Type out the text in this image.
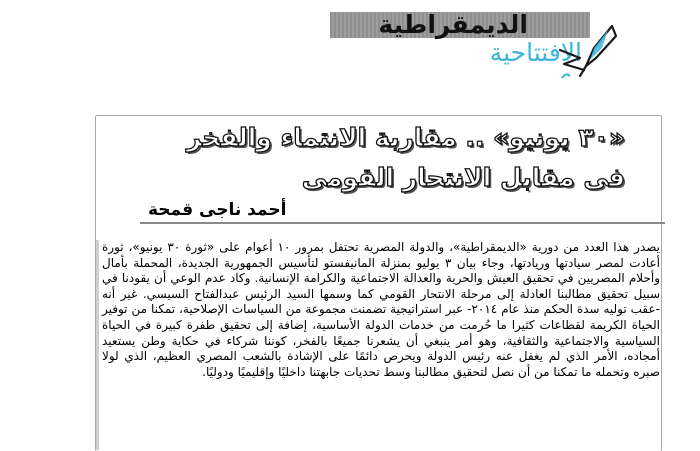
الديمقراطية
الافتتاحية
«٣٠ يونيو» .. مقاربة الانتماء والفخر
فى مقابل الانتحار القومى
أحمد ناجى قمحة

يصدر هذا العدد من دورية «الديمقراطية»، والدولة المصرية تحتفل بمرور ١٠ أعوام على «ثورة ٣٠ يونيو»، ثورة أعادت لمصر سيادتها وريادتها، وجاء بيان ٣ يوليو بمنزلة المانيفستو لتأسيس الجمهورية الجديدة، المحملة بأمال وأحلام المصريين في تحقيق العيش والحرية والعدالة الاجتماعية والكرامة الإنسانية. وكاد عدم الوعي أن يقودنا في سبيل تحقيق مطالبنا العادلة إلى مرحلة الانتحار القومي كما وسمها السيد الرئيس عبدالفتاح السيسي. غير أنه -عقب توليه سدة الحكم منذ عام ٢٠١٤- عبر استراتيجية تضمنت مجموعة من السياسات الإصلاحية، تمكنا من توفير الحياة الكريمة لقطاعات كثيرا ما حُرمت من خدمات الدولة الأساسية، إضافة إلى تحقيق طفرة كبيرة في الحياة السياسية والاجتماعية والثقافية، وهو أمر ينبغي أن يشعرنا جميعًا بالفخر، كوننا شركاء في حكاية وطن يستعيد أمجاده، الأمر الذي لم يغفل عنه رئيس الدولة ويحرص دائمًا على الإشادة بالشعب المصري العظيم، الذي لولا صبره وتحمله ما تمكنا من أن نصل لتحقيق مطالبنا وسط تحديات جابهتنا داخليًا وإقليميًا ودوليًا.
